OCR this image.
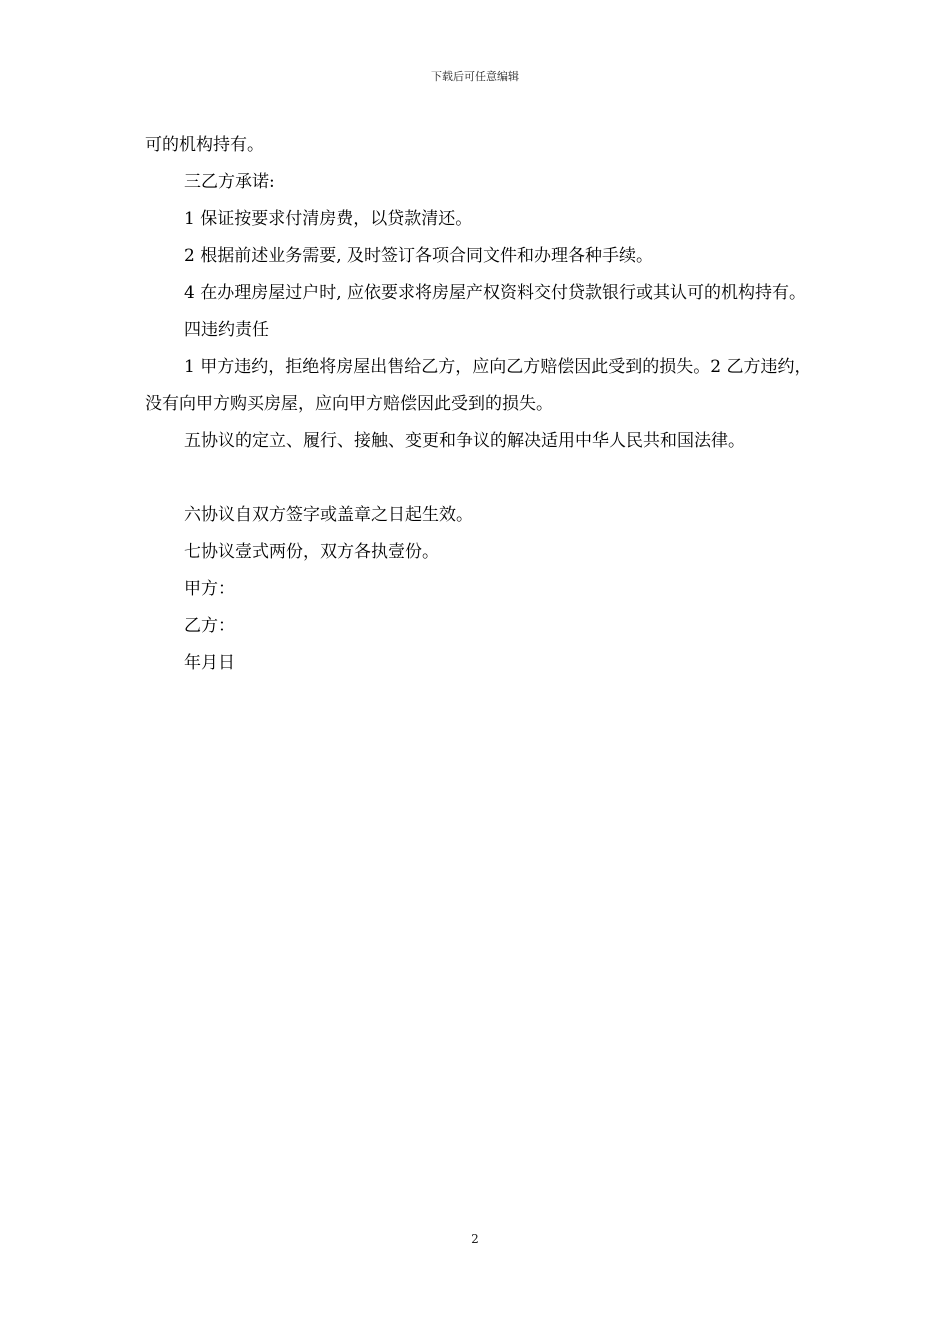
下载后可任意编辑

可的机构持有。

三乙方承诺:

1 保证按要求付清房费，以贷款清还。

2 根据前述业务需要, 及时签订各项合同文件和办理各种手续。

4 在办理房屋过户时, 应依要求将房屋产权资料交付贷款银行或其认可的机构持有。

四违约责任

1 甲方违约，拒绝将房屋出售给乙方，应向乙方赔偿因此受到的损失。2 乙方违约，没有向甲方购买房屋，应向甲方赔偿因此受到的损失。

五协议的定立、履行、接触、变更和争议的解决适用中华人民共和国法律。

六协议自双方签字或盖章之日起生效。

七协议壹式两份，双方各执壹份。

甲方：

乙方：

年月日

2
